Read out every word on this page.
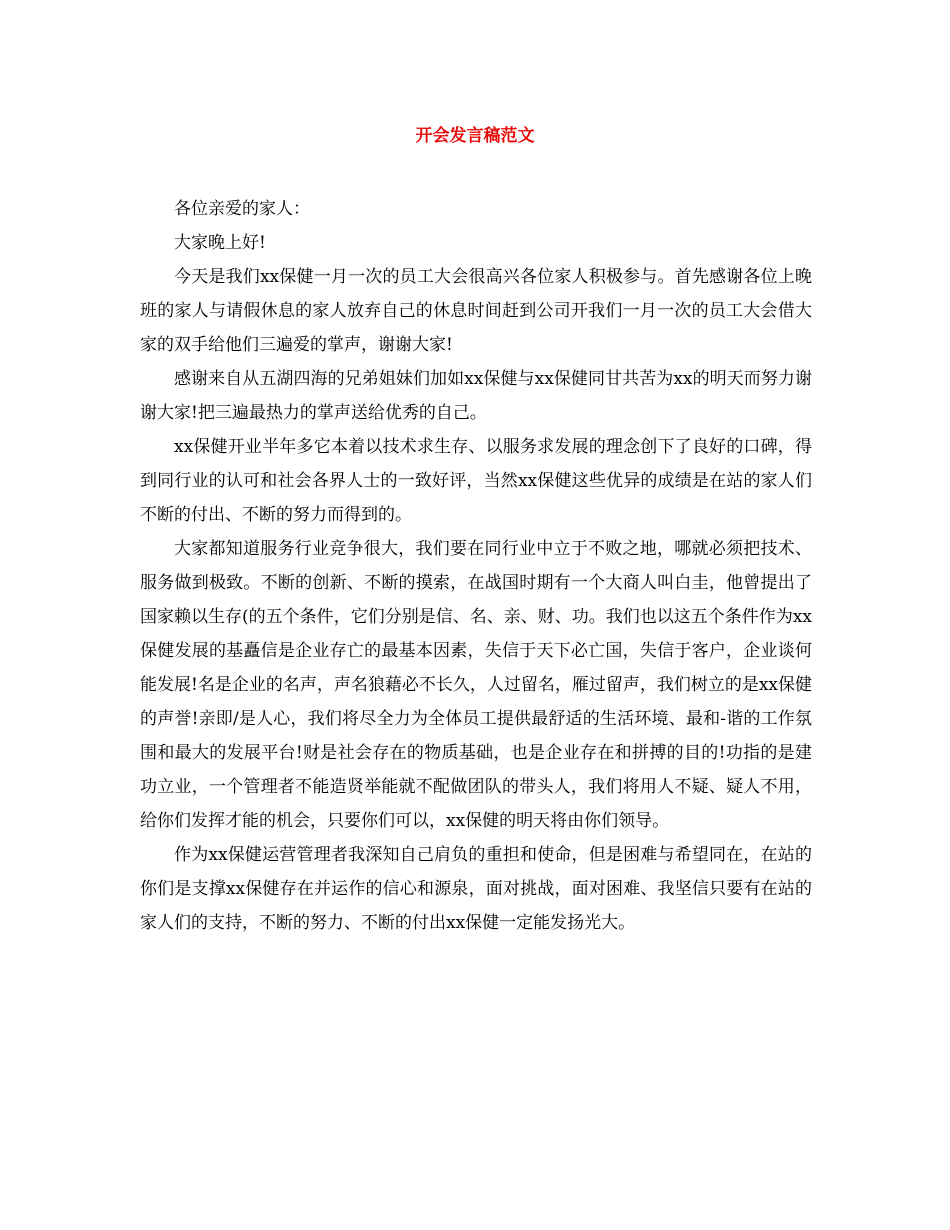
开会发言稿范文

各位亲爱的家人：

大家晚上好!

今天是我们xx保健一月一次的员工大会很高兴各位家人积极参与。首先感谢各位上晚班的家人与请假休息的家人放弃自己的休息时间赶到公司开我们一月一次的员工大会借大家的双手给他们三遍爱的掌声，谢谢大家!

感谢来自从五湖四海的兄弟姐妹们加如xx保健与xx保健同甘共苦为xx的明天而努力谢谢大家!把三遍最热力的掌声送给优秀的自己。

xx保健开业半年多它本着以技术求生存、以服务求发展的理念创下了良好的口碑，得到同行业的认可和社会各界人士的一致好评，当然xx保健这些优异的成绩是在站的家人们不断的付出、不断的努力而得到的。

大家都知道服务行业竞争很大，我们要在同行业中立于不败之地，哪就必须把技术、服务做到极致。不断的创新、不断的摸索，在战国时期有一个大商人叫白圭，他曾提出了国家赖以生存(的五个条件，它们分别是信、名、亲、财、功。我们也以这五个条件作为xx保健发展的基矗信是企业存亡的最基本因素，失信于天下必亡国，失信于客户，企业谈何能发展!名是企业的名声，声名狼藉必不长久，人过留名，雁过留声，我们树立的是xx保健的声誉!亲即/是人心，我们将尽全力为全体员工提供最舒适的生活环境、最和-谐的工作氛围和最大的发展平台!财是社会存在的物质基础，也是企业存在和拼搏的目的!功指的是建功立业，一个管理者不能造贤举能就不配做团队的带头人，我们将用人不疑、疑人不用，给你们发挥才能的机会，只要你们可以，xx保健的明天将由你们领导。

作为xx保健运营管理者我深知自己肩负的重担和使命，但是困难与希望同在，在站的你们是支撑xx保健存在并运作的信心和源泉，面对挑战，面对困难、我坚信只要有在站的家人们的支持，不断的努力、不断的付出xx保健一定能发扬光大。
